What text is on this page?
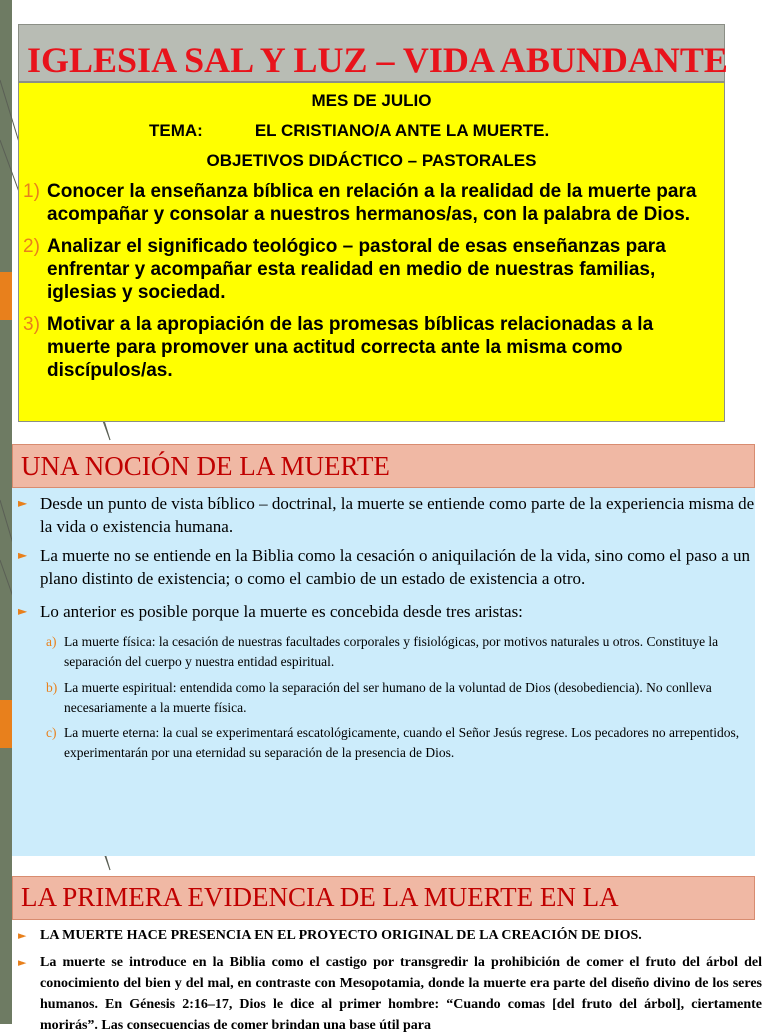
IGLESIA SAL Y LUZ – VIDA ABUNDANTE
MES DE JULIO
TEMA:	EL CRISTIANO/A ANTE LA MUERTE.
OBJETIVOS DIDÁCTICO – PASTORALES
1) Conocer la enseñanza bíblica en relación a la realidad de la muerte para acompañar y consolar a nuestros hermanos/as, con la palabra de Dios.
2) Analizar el significado teológico – pastoral de esas enseñanzas para enfrentar y acompañar esta realidad en medio de nuestras familias, iglesias y sociedad.
3) Motivar a la apropiación de las promesas bíblicas relacionadas a la muerte para promover una actitud correcta ante la misma como discípulos/as.
UNA NOCIÓN DE LA MUERTE
► Desde un punto de vista bíblico – doctrinal, la muerte se entiende como parte de la experiencia misma de la vida o existencia humana.
► La muerte no se entiende en la Biblia como la cesación o aniquilación de la vida, sino como el paso a un plano distinto de existencia; o como el cambio de un estado de existencia a otro.
► Lo anterior es posible porque la muerte es concebida desde tres aristas:
a) La muerte física: la cesación de nuestras facultades corporales y fisiológicas, por motivos naturales u otros. Constituye la separación del cuerpo y nuestra entidad espiritual.
b) La muerte espiritual: entendida como la separación del ser humano de la voluntad de Dios (desobediencia). No conlleva necesariamente a la muerte física.
c) La muerte eterna: la cual se experimentará escatológicamente, cuando el Señor Jesús regrese. Los pecadores no arrepentidos, experimentarán por una eternidad su separación de la presencia de Dios.
LA PRIMERA EVIDENCIA DE LA MUERTE EN LA
► LA MUERTE HACE PRESENCIA EN EL PROYECTO ORIGINAL DE LA CREACIÓN DE DIOS.
► La muerte se introduce en la Biblia como el castigo por transgredir la prohibición de comer el fruto del árbol del conocimiento del bien y del mal, en contraste con Mesopotamia, donde la muerte era parte del diseño divino de los seres humanos. En Génesis 2:16–17, Dios le dice al primer hombre: “Cuando comas [del fruto del árbol], ciertamente morirás”. Las consecuencias de comer brindan una base útil para
